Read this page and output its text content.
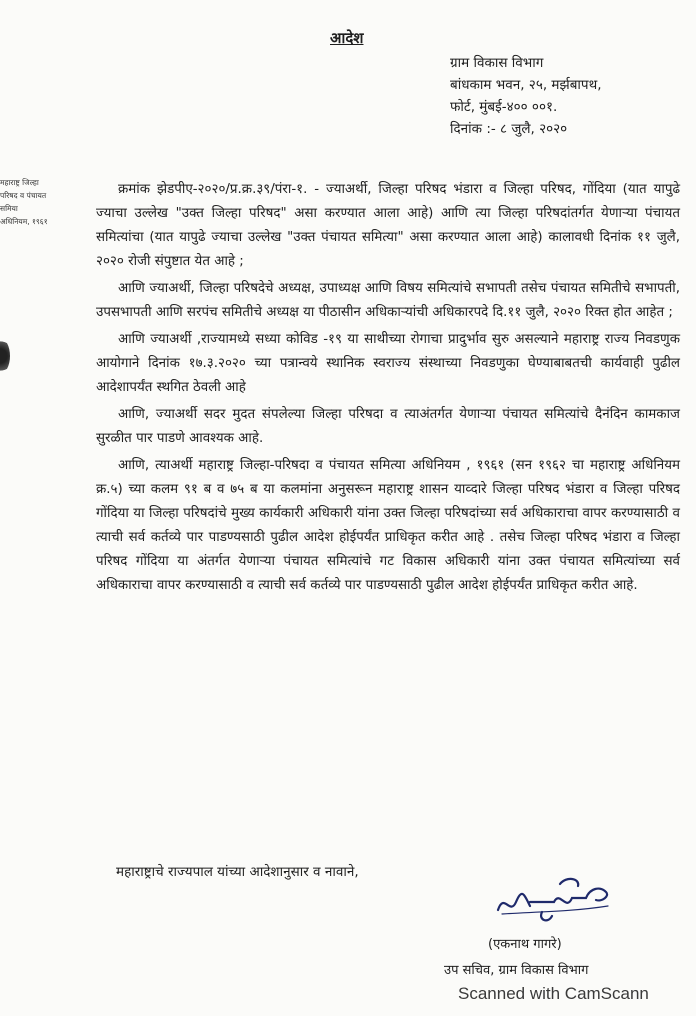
आदेश
ग्राम विकास विभाग
बांधकाम भवन, २५, मर्झबापथ,
फोर्ट, मुंबई-४०० ००१.
दिनांक :- ८ जुलै, २०२०
महाराष्ट्र जिल्हा
परिषद व पंचायत
समिया
अधिनियम, १९६१

क्रमांक झेडपीए-२०२०/प्र.क्र.३९/पंरा-१. - ज्याअर्थी, जिल्हा परिषद भंडारा व जिल्हा परिषद, गोंदिया (यात यापुढे ज्याचा उल्लेख "उक्त जिल्हा परिषद" असा करण्यात आला आहे) आणि त्या जिल्हा परिषदांतर्गत येणाऱ्या पंचायत समित्यांचा (यात यापुढे ज्याचा उल्लेख "उक्त पंचायत समित्या" असा करण्यात आला आहे) कालावधी दिनांक ११ जुलै, २०२० रोजी संपुष्टात येत आहे ;

आणि ज्याअर्थी, जिल्हा परिषदेचे अध्यक्ष, उपाध्यक्ष आणि विषय समित्यांचे सभापती तसेच पंचायत समितीचे सभापती, उपसभापती आणि सरपंच समितीचे अध्यक्ष या पीठासीन अधिकाऱ्यांची अधिकारपदे दि.११ जुलै, २०२० रिक्त होत आहेत ;

आणि ज्याअर्थी ,राज्यामध्ये सध्या कोविड -१९ या साथीच्या रोगाचा प्रादुर्भाव सुरु असल्याने महाराष्ट्र राज्य निवडणुक आयोगाने दिनांक १७.३.२०२० च्या पत्रान्वये स्थानिक स्वराज्य संस्थाच्या निवडणुका घेण्याबाबतची कार्यवाही पुढील आदेशापर्यंत स्थगित ठेवली आहे

आणि, ज्याअर्थी सदर मुदत संपलेल्या जिल्हा परिषदा व त्याअंतर्गत येणाऱ्या पंचायत समित्यांचे दैनंदिन कामकाज सुरळीत पार पाडणे आवश्यक आहे.

आणि, त्याअर्थी महाराष्ट्र जिल्हा-परिषदा व पंचायत समित्या अधिनियम , १९६१ (सन १९६२ चा महाराष्ट्र अधिनियम क्र.५) च्या कलम ९१ ब व ७५ ब या कलमांना अनुसरून महाराष्ट्र शासन याव्दारे जिल्हा परिषद भंडारा व जिल्हा परिषद गोंदिया या जिल्हा परिषदांचे मुख्य कार्यकारी अधिकारी यांना उक्त जिल्हा परिषदांच्या सर्व अधिकाराचा वापर करण्यासाठी व त्याची सर्व कर्तव्ये पार पाडण्यसाठी पुढील आदेश होईपर्यंत प्राधिकृत करीत आहे . तसेच जिल्हा परिषद भंडारा व जिल्हा परिषद गोंदिया या अंतर्गत येणाऱ्या पंचायत समित्यांचे गट विकास अधिकारी यांना उक्त पंचायत समित्यांच्या सर्व अधिकाराचा वापर करण्यासाठी व त्याची सर्व कर्तव्ये पार पाडण्यसाठी पुढील आदेश होईपर्यंत प्राधिकृत करीत आहे.

महाराष्ट्राचे राज्यपाल यांच्या आदेशानुसार व नावाने,
(एकनाथ गागरे)
उप सचिव, ग्राम विकास विभाग
Scanned with CamScann
